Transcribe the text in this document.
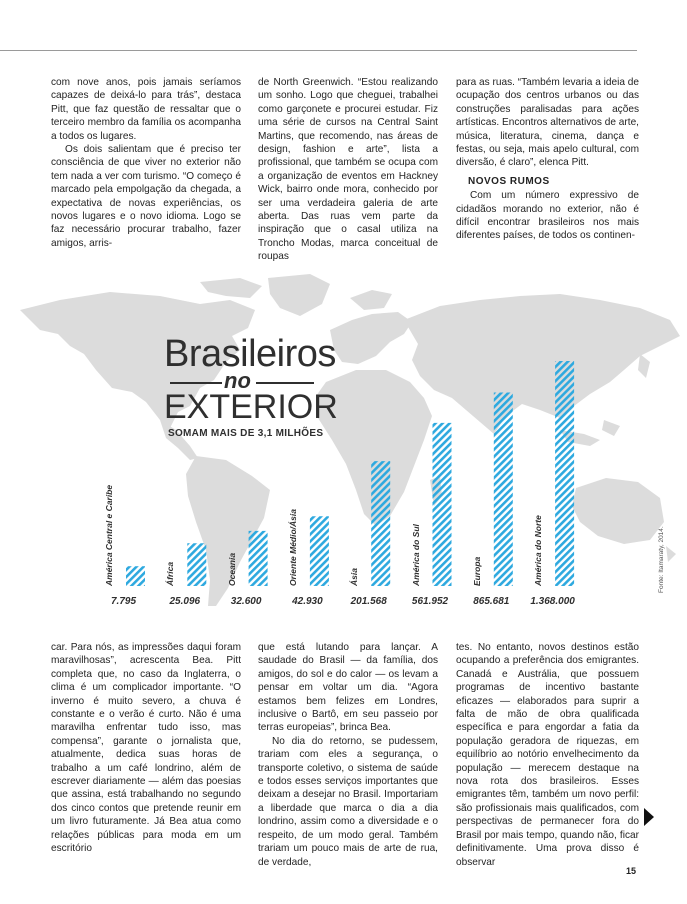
com nove anos, pois jamais seríamos capazes de deixá-lo para trás”, destaca Pitt, que faz questão de ressaltar que o terceiro membro da família os acompanha a todos os lugares.

Os dois salientam que é preciso ter consciência de que viver no exterior não tem nada a ver com turismo. “O começo é marcado pela empolgação da chegada, a expectativa de novas experiências, os novos lugares e o novo idioma. Logo se faz necessário procurar trabalho, fazer amigos, arris-

de North Greenwich. “Estou realizando um sonho. Logo que cheguei, trabalhei como garçonete e procurei estudar. Fiz uma série de cursos na Central Saint Martins, que recomendo, nas áreas de design, fashion e arte”, lista a profissional, que também se ocupa com a organização de eventos em Hackney Wick, bairro onde mora, conhecido por ser uma verdadeira galeria de arte aberta. Das ruas vem parte da inspiração que o casal utiliza na Troncho Modas, marca conceitual de roupas

para as ruas. “Também levaria a ideia de ocupação dos centros urbanos ou das construções paralisadas para ações artísticas. Encontros alternativos de arte, música, literatura, cinema, dança e festas, ou seja, mais apelo cultural, com diversão, é claro”, elenca Pitt.

NOVOS RUMOS

Com um número expressivo de cidadãos morando no exterior, não é difícil encontrar brasileiros nos mais diferentes países, de todos os continen-

Brasileiros
no
EXTERIOR
SOMAM MAIS DE 3,1 MILHÕES
América Central e Caribe
7.795
África
25.096
Oceania
32.600
Oriente Médio/Ásia
42.930
Ásia
201.568
América do Sul
561.952
Europa
865.681
América do Norte
1.368.000
Fonte: Itamaraty, 2014.

car. Para nós, as impressões daqui foram maravilhosas”, acrescenta Bea. Pitt completa que, no caso da Inglaterra, o clima é um complicador importante. “O inverno é muito severo, a chuva é constante e o verão é curto. Não é uma maravilha enfrentar tudo isso, mas compensa”, garante o jornalista que, atualmente, dedica suas horas de trabalho a um café londrino, além de escrever diariamente — além das poesias que assina, está trabalhando no segundo dos cinco contos que pretende reunir em um livro futuramente. Já Bea atua como relações públicas para moda em um escritório

que está lutando para lançar. A saudade do Brasil — da família, dos amigos, do sol e do calor — os levam a pensar em voltar um dia. “Agora estamos bem felizes em Londres, inclusive o Bartô, em seu passeio por terras europeias”, brinca Bea.

No dia do retorno, se pudessem, trariam com eles a segurança, o transporte coletivo, o sistema de saúde e todos esses serviços importantes que deixam a desejar no Brasil. Importariam a liberdade que marca o dia a dia londrino, assim como a diversidade e o respeito, de um modo geral. Também trariam um pouco mais de arte de rua, de verdade,

tes. No entanto, novos destinos estão ocupando a preferência dos emigrantes. Canadá e Austrália, que possuem programas de incentivo bastante eficazes — elaborados para suprir a falta de mão de obra qualificada específica e para engordar a fatia da população geradora de riquezas, em equilíbrio ao notório envelhecimento da população — merecem destaque na nova rota dos brasileiros. Esses emigrantes têm, também um novo perfil: são profissionais mais qualificados, com perspectivas de permanecer fora do Brasil por mais tempo, quando não, ficar definitivamente. Uma prova disso é observar

15
